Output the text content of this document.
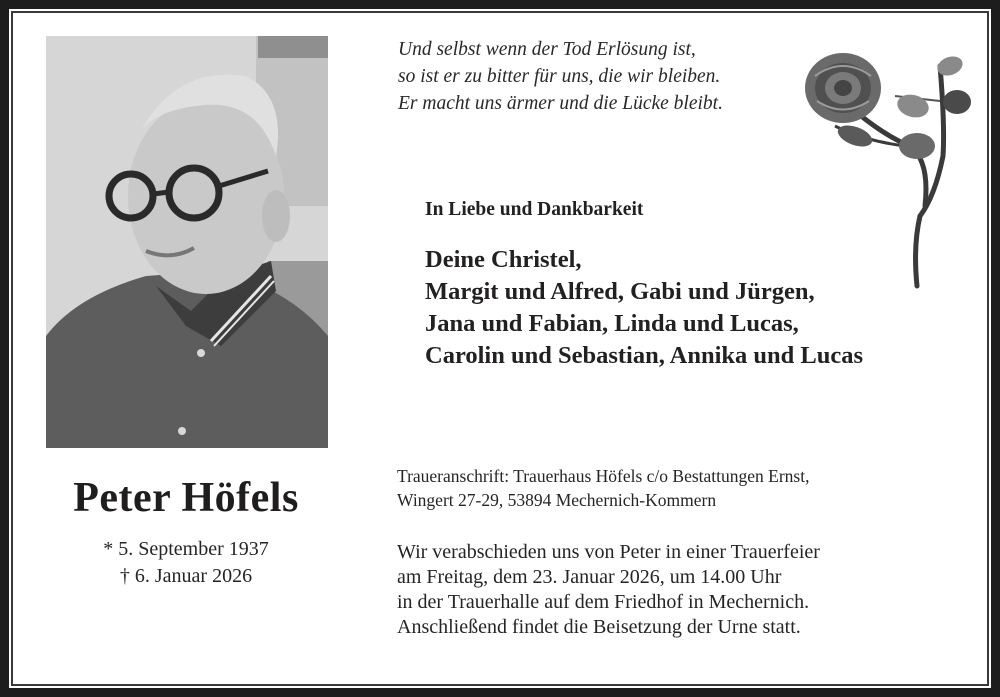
Peter Höfels
* 5. September 1937
† 6. Januar 2026
Und selbst wenn der Tod Erlösung ist,
so ist er zu bitter für uns, die wir bleiben.
Er macht uns ärmer und die Lücke bleibt.
In Liebe und Dankbarkeit
Deine Christel,
Margit und Alfred, Gabi und Jürgen,
Jana und Fabian, Linda und Lucas,
Carolin und Sebastian, Annika und Lucas
Traueranschrift: Trauerhaus Höfels c/o Bestattungen Ernst,
Wingert 27-29, 53894 Mechernich-Kommern
Wir verabschieden uns von Peter in einer Trauerfeier
am Freitag, dem 23. Januar 2026, um 14.00 Uhr
in der Trauerhalle auf dem Friedhof in Mechernich.
Anschließend findet die Beisetzung der Urne statt.
